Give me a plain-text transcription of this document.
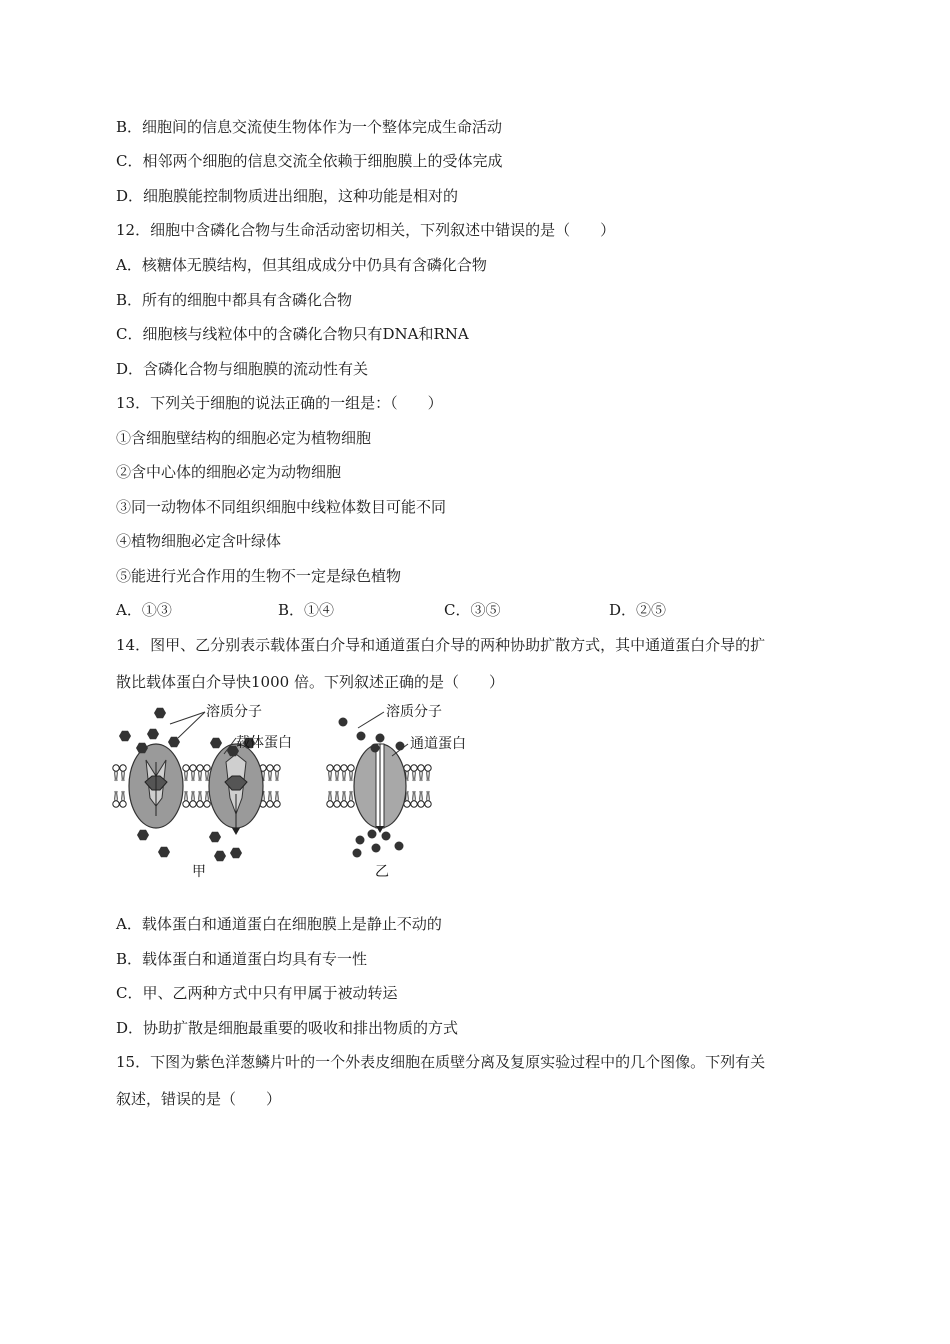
B．细胞间的信息交流使生物体作为一个整体完成生命活动
C．相邻两个细胞的信息交流全依赖于细胞膜上的受体完成
D．细胞膜能控制物质进出细胞，这种功能是相对的
12．细胞中含磷化合物与生命活动密切相关，下列叙述中错误的是（　　）
A．核糖体无膜结构，但其组成成分中仍具有含磷化合物
B．所有的细胞中都具有含磷化合物
C．细胞核与线粒体中的含磷化合物只有DNA和RNA
D．含磷化合物与细胞膜的流动性有关
13．下列关于细胞的说法正确的一组是：（　　）
①含细胞壁结构的细胞必定为植物细胞
②含中心体的细胞必定为动物细胞
③同一动物体不同组织细胞中线粒体数目可能不同
④植物细胞必定含叶绿体
⑤能进行光合作用的生物不一定是绿色植物
A．①③	B．①④	C．③⑤	D．②⑤
14．图甲、乙分别表示载体蛋白介导和通道蛋白介导的两种协助扩散方式，其中通道蛋白介导的扩
散比载体蛋白介导快1000 倍。下列叙述正确的是（　　）
溶质分子
载体蛋白
甲
溶质分子
通道蛋白
乙
A．载体蛋白和通道蛋白在细胞膜上是静止不动的
B．载体蛋白和通道蛋白均具有专一性
C．甲、乙两种方式中只有甲属于被动转运
D．协助扩散是细胞最重要的吸收和排出物质的方式
15．下图为紫色洋葱鳞片叶的一个外表皮细胞在质壁分离及复原实验过程中的几个图像。下列有关
叙述，错误的是（　　）
